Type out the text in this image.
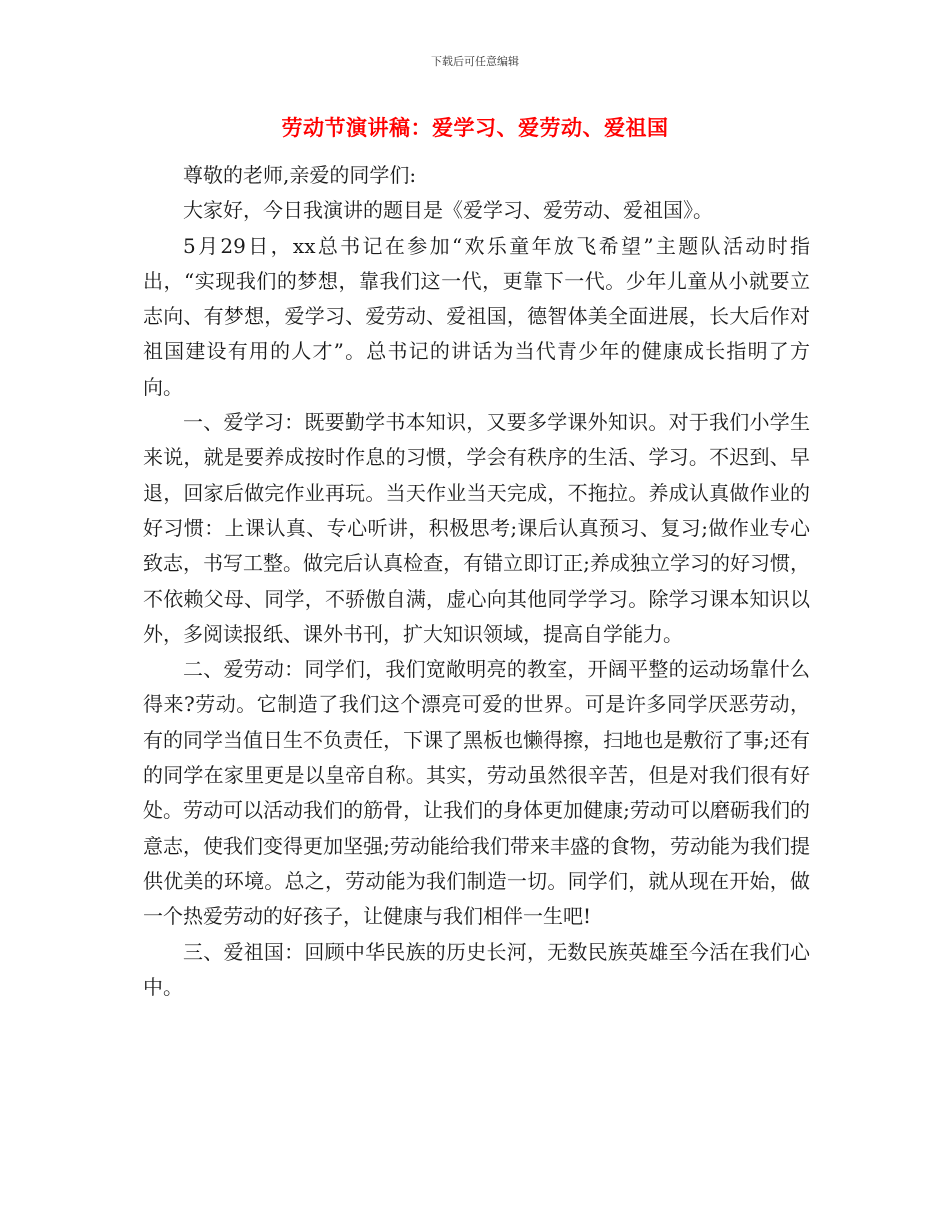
下载后可任意编辑
劳动节演讲稿：爱学习、爱劳动、爱祖国

尊敬的老师,亲爱的同学们:

大家好，今日我演讲的题目是《爱学习、爱劳动、爱祖国》。

5月29日，xx总书记在参加“欢乐童年放飞希望”主题队活动时指出，“实现我们的梦想，靠我们这一代，更靠下一代。少年儿童从小就要立志向、有梦想，爱学习、爱劳动、爱祖国，德智体美全面进展，长大后作对祖国建设有用的人才”。总书记的讲话为当代青少年的健康成长指明了方向。

一、爱学习：既要勤学书本知识，又要多学课外知识。对于我们小学生来说，就是要养成按时作息的习惯，学会有秩序的生活、学习。不迟到、早退，回家后做完作业再玩。当天作业当天完成，不拖拉。养成认真做作业的好习惯：上课认真、专心听讲，积极思考;课后认真预习、复习;做作业专心致志，书写工整。做完后认真检查，有错立即订正;养成独立学习的好习惯，不依赖父母、同学，不骄傲自满，虚心向其他同学学习。除学习课本知识以外，多阅读报纸、课外书刊，扩大知识领域，提高自学能力。

二、爱劳动：同学们，我们宽敞明亮的教室，开阔平整的运动场靠什么得来?劳动。它制造了我们这个漂亮可爱的世界。可是许多同学厌恶劳动，有的同学当值日生不负责任，下课了黑板也懒得擦，扫地也是敷衍了事;还有的同学在家里更是以皇帝自称。其实，劳动虽然很辛苦，但是对我们很有好处。劳动可以活动我们的筋骨，让我们的身体更加健康;劳动可以磨砺我们的意志，使我们变得更加坚强;劳动能给我们带来丰盛的食物，劳动能为我们提供优美的环境。总之，劳动能为我们制造一切。同学们，就从现在开始，做一个热爱劳动的好孩子，让健康与我们相伴一生吧!

三、爱祖国：回顾中华民族的历史长河，无数民族英雄至今活在我们心中。
